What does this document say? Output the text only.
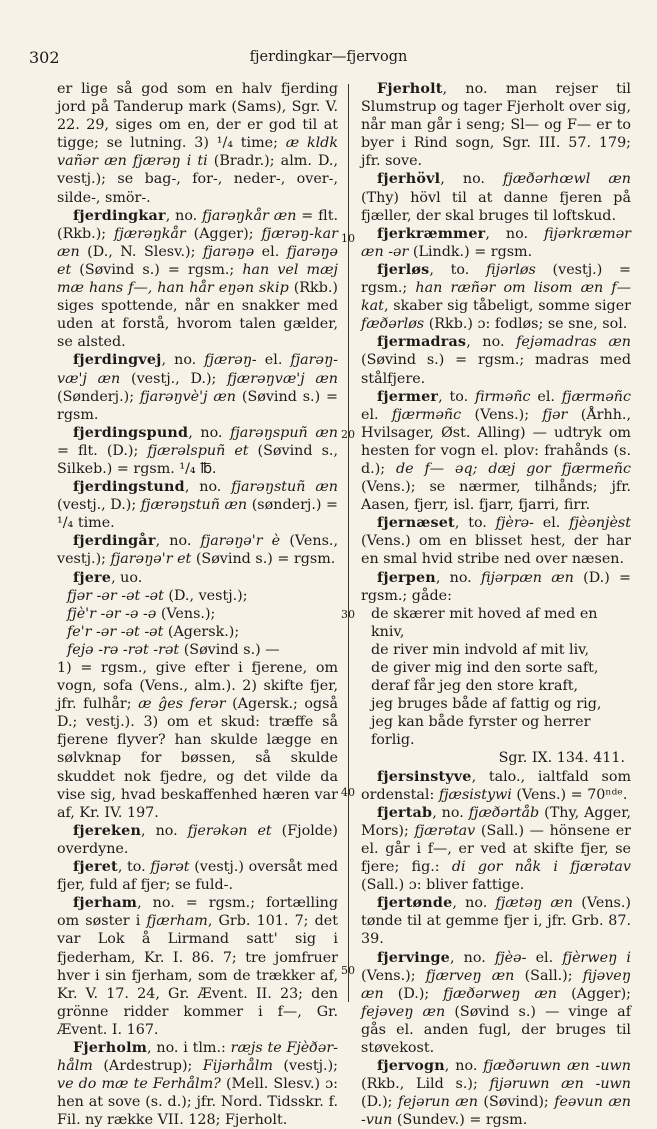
302	fjerdingkar—fjervogn

er lige så god som en halv fjerding jord på Tanderup mark (Sams), Sgr. V. 22. 29, siges om en, der er god til at tigge; se lutning. 3) ¹/₄ time; æ kldk vañər æn fjærəŋ i ti (Bradr.); alm. D., vestj.); se bag-, for-, neder-, over-, silde-, smör-.

fjerdingkar, no. fjarəŋkår æn = flt. (Rkb.); fjærəŋkår (Agger); fjærəŋ-kar æn (D., N. Slesv.); fjarəŋə el. fjarəŋə et (Søvind s.) = rgsm.; han vel mæj mæ hans f—, han hår eŋən skip (Rkb.) siges spottende, når en snakker med uden at forstå, hvorom talen gælder, se alsted.

fjerdingvej, no. fjærəŋ- el. fjarəŋ-væ'j æn (vestj., D.); fjærəŋvæ'j æn (Sønderj.); fjarəŋvè'j æn (Søvind s.) = rgsm.

fjerdingspund, no. fjarəŋspuñ æn = flt. (D.); fjærəlspuñ et (Søvind s., Silkeb.) = rgsm. ¹/₄ ℔.

fjerdingstund, no. fjarəŋstuñ æn (vestj., D.); fjærəŋstuñ æn (sønderj.) = ¹/₄ time.

fjerdingår, no. fjarəŋə'r è (Vens., vestj.); fjarəŋə'r et (Søvind s.) = rgsm.

fjere, uo.

fjər -ər -ət -ət (D., vestj.);

fjè'r -ər -ə -ə (Vens.);

fe'r -ər -ət -ət (Agersk.);

fejə -rə -rət -rət (Søvind s.) —

1) = rgsm., give efter i fjerene, om vogn, sofa (Vens., alm.). 2) skifte fjer, jfr. fulhår; æ ĝes ferər (Agersk.; også D.; vestj.). 3) om et skud: træffe så fjerene flyver? han skulde lægge en sølvknap for bøssen, så skulde skuddet nok fjedre, og det vilde da vise sig, hvad beskaffenhed hæren var af, Kr. IV. 197.

fjereken, no. fjerəkən et (Fjolde) overdyne.

fjeret, to. fjərət (vestj.) oversåt med fjer, fuld af fjer; se fuld-.

fjerham, no. = rgsm.; fortælling om søster i fjærham, Grb. 101. 7; det var Lok å Lirmand satt' sig i fjederham, Kr. I. 86. 7; tre jomfruer hver i sin fjerham, som de trækker af, Kr. V. 17. 24, Gr. Ævent. II. 23; den grönne ridder kommer i f—, Gr. Ævent. I. 167.

Fjerholm, no. i tlm.: ræjs te Fjèðər-hålm (Ardestrup); Fijərhålm (vestj.); ve do mæ te Ferhålm? (Mell. Slesv.) ɔ: hen at sove (s. d.); jfr. Nord. Tidsskr. f. Fil. ny række VII. 128; Fjerholt.

Fjerholt, no. man rejser til Slumstrup og tager Fjerholt over sig, når man går i seng; Sl— og F— er to byer i Rind sogn, Sgr. III. 57. 179; jfr. sove.

fjerhövl, no. fjæðərhœwl æn (Thy) hövl til at danne fjeren på fjæller, der skal bruges til loftskud.

fjerkræmmer, no. fijərkræmər æn -ər (Lindk.) = rgsm.

fjerløs, to. fijərløs (vestj.) = rgsm.; han ræñər om lisom æn f— kat, skaber sig tåbeligt, somme siger fæðərløs (Rkb.) ɔ: fodløs; se sne, sol.

fjermadras, no. fejəmadras æn (Søvind s.) = rgsm.; madras med stålfjere.

fjermer, to. firməñc el. fjærməñc el. fjærməñc (Vens.); fjər (Århh., Hvilsager, Øst. Alling) — udtryk om hesten for vogn el. plov: frahånds (s. d.); de f— əq; dæj gor fjærmeñc (Vens.); se nærmer, tilhånds; jfr. Aasen, fjerr, isl. fjarr, fjarri, firr.

fjernæset, to. fjèrə- el. fjèənjèst (Vens.) om en blisset hest, der har en smal hvid stribe ned over næsen.

fjerpen, no. fijərpæn æn (D.) = rgsm.; gåde:

de skærer mit hoved af med en kniv,

de river min indvold af mit liv,

de giver mig ind den sorte saft,

deraf får jeg den store kraft,

jeg bruges både af fattig og rig,

jeg kan både fyrster og herrer forlig.

Sgr. IX. 134. 411.

fjersinstyve, talo., ialtfald som ordenstal: fjæsistywi (Vens.) = 70ⁿᵈᵉ.

fjertab, no. fjæðərtåb (Thy, Agger, Mors); fjærətav (Sall.) — hönsene er el. går i f—, er ved at skifte fjer, se fjere; fig.: di gor nåk i fjærətav (Sall.) ɔ: bliver fattige.

fjertønde, no. fjætəŋ æn (Vens.) tønde til at gemme fjer i, jfr. Grb. 87. 39.

fjervinge, no. fjèə- el. fjèrweŋ i (Vens.); fjærveŋ æn (Sall.); fijəveŋ æn (D.); fjæðərweŋ æn (Agger); fejəveŋ æn (Søvind s.) — vinge af gås el. anden fugl, der bruges til støvekost.

fjervogn, no. fjæðəruwn æn -uwn (Rkb., Lild s.); fijəruwn æn -uwn (D.); fejərun æn (Søvind); feəvun æn -vun (Sundev.) = rgsm.

10
20
30
40
50
